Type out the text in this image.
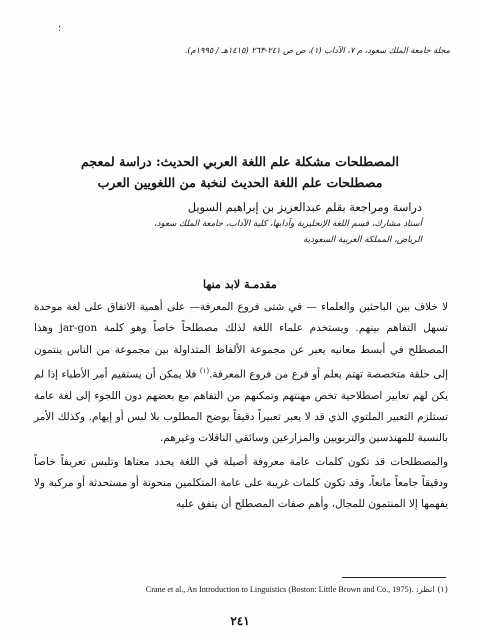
؛
مجلة جامعة الملك سعود، م ٧، الآداب (١)، ص ص ٢٤١-٢٦٣ (١٤١٥هـ / ١٩٩٥م).
المصطلحات مشكلة علم اللغة العربي الحديث: دراسة لمعجم
مصطلحات علم اللغة الحديث لنخبة من اللغويين العرب
دراسة ومراجعة بقلم عبدالعزيز بن إبراهيم السويل
أستاذ مشارك، قسم اللغة الإنجليزية وآدابها، كلية الآداب، جامعة الملك سعود،
الرياض، المملكة العربية السعودية
مقدمـة لابد منها

لا خلاف بين الباحثين والعلماء — في شتى فروع المعرفة— على أهمية الاتفاق على لغة موحدة تسهل التفاهم بينهم. ويستخدم علماء اللغة لذلك مصطلحاً خاصاً وهو كلمة jar-gon وهذا المصطلح في أبسط معانيه يعبر عن مجموعة الألفاظ المتداولة بين مجموعة من الناس ينتمون إلى حلقة متخصصة تهتم بعلم أو فرع من فروع المعرفة.$^{(١)}$ فلا يمكن أن يستقيم أمر الأطباء إذا لم يكن لهم تعابير اصطلاحية تخص مهنتهم وتمكنهم من التفاهم مع بعضهم دون اللجوء إلى لغة عامة تستلزم التعبير الملتوي الذي قد لا يعبر تعبيراً دقيقاً يوضح المطلوب بلا لبس أو إيهام. وكذلك الأمر بالنسبة للمهندسين والتربويين والمزارعين وسائقي الناقلات وغيرهم.

والمصطلحات قد تكون كلمات عامة معروفة أصيلة في اللغة يحدد معناها وتلبس تعريفاً خاصاً ودقيقاً جامعاً مانعاً، وقد تكون كلمات غريبة على عامة المتكلمين منحوتة أو مستحدثة أو مركبة ولا يفهمها إلا المنتمون للمجال، وأهم صفات المصطلح أن يتفق عليه

(١) انظر: Crane et al., An Introduction to Linguistics (Boston: Little Brown and Co., 1975).
٢٤١
